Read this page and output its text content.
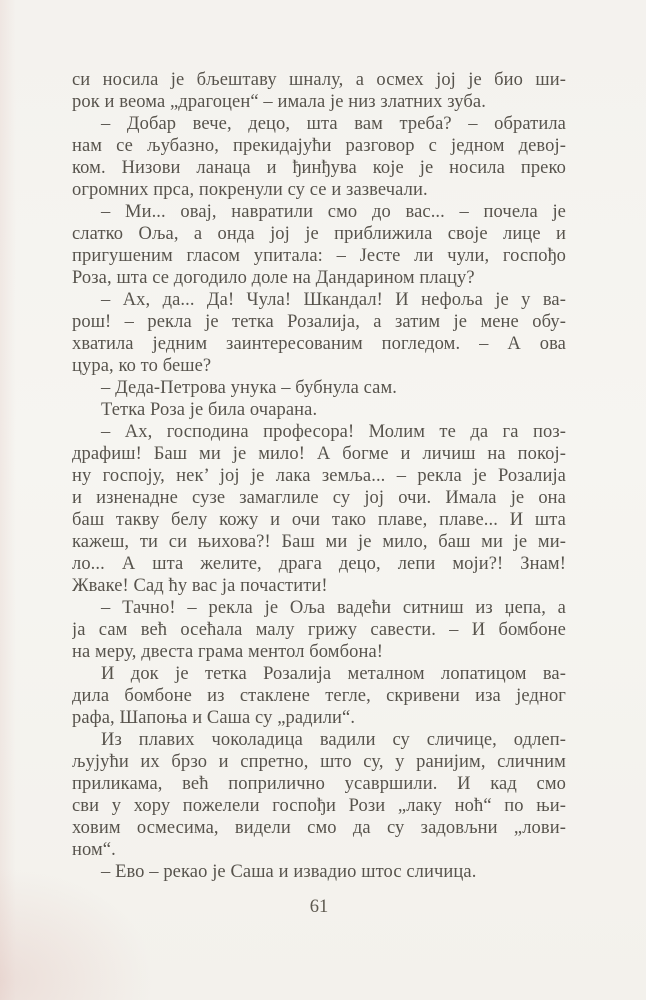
си носила је бљештаву шналу, а осмех јој је био ши-
рок и веома „драгоцен“ – имала је низ златних зуба.
– Добар вече, децо, шта вам треба? – обратила
нам се љубазно, прекидајући разговор с једном девој-
ком. Низови ланаца и ђинђува које је носила преко
огромних прса, покренули су се и зазвечали.
– Ми... овај, навратили смо до вас... – почела је
слатко Оља, а онда јој је приближила своје лице и
пригушеним гласом упитала: – Јесте ли чули, госпођо
Роза, шта се догодило доле на Дандарином плацу?
– Ах, да... Да! Чула! Шкандал! И нефоља је у ва-
рош! – рекла је тетка Розалија, а затим је мене обу-
хватила једним заинтересованим погледом. – А ова
цура, ко то беше?
– Деда-Петрова унука – бубнула сам.
Тетка Роза је била очарана.
– Ах, господина професора! Молим те да га поз-
драфиш! Баш ми је мило! А богме и личиш на покој-
ну госпоју, нек’ јој је лака земља... – рекла је Розалија
и изненадне сузе замаглиле су јој очи. Имала је она
баш такву белу кожу и очи тако плаве, плаве... И шта
кажеш, ти си њихова?! Баш ми је мило, баш ми је ми-
ло... А шта желите, драга децо, лепи моји?! Знам!
Жваке! Сад ћу вас ја почастити!
– Тачно! – рекла је Оља вадећи ситниш из џепа, а
ја сам већ осећала малу грижу савести. – И бомбоне
на меру, двеста грама ментол бомбона!
И док је тетка Розалија металном лопатицом ва-
дила бомбоне из стаклене тегле, скривени иза једног
рафа, Шапоња и Саша су „радили“.
Из плавих чоколадица вадили су сличице, одлеп-
љујући их брзо и спретно, што су, у ранијим, сличним
приликама, већ поприлично усавршили. И кад смо
сви у хору пожелели госпођи Рози „лаку ноћ“ по њи-
ховим осмесима, видели смо да су задовљни „лови-
ном“.
– Ево – рекао је Саша и извадио штос сличица.
61
